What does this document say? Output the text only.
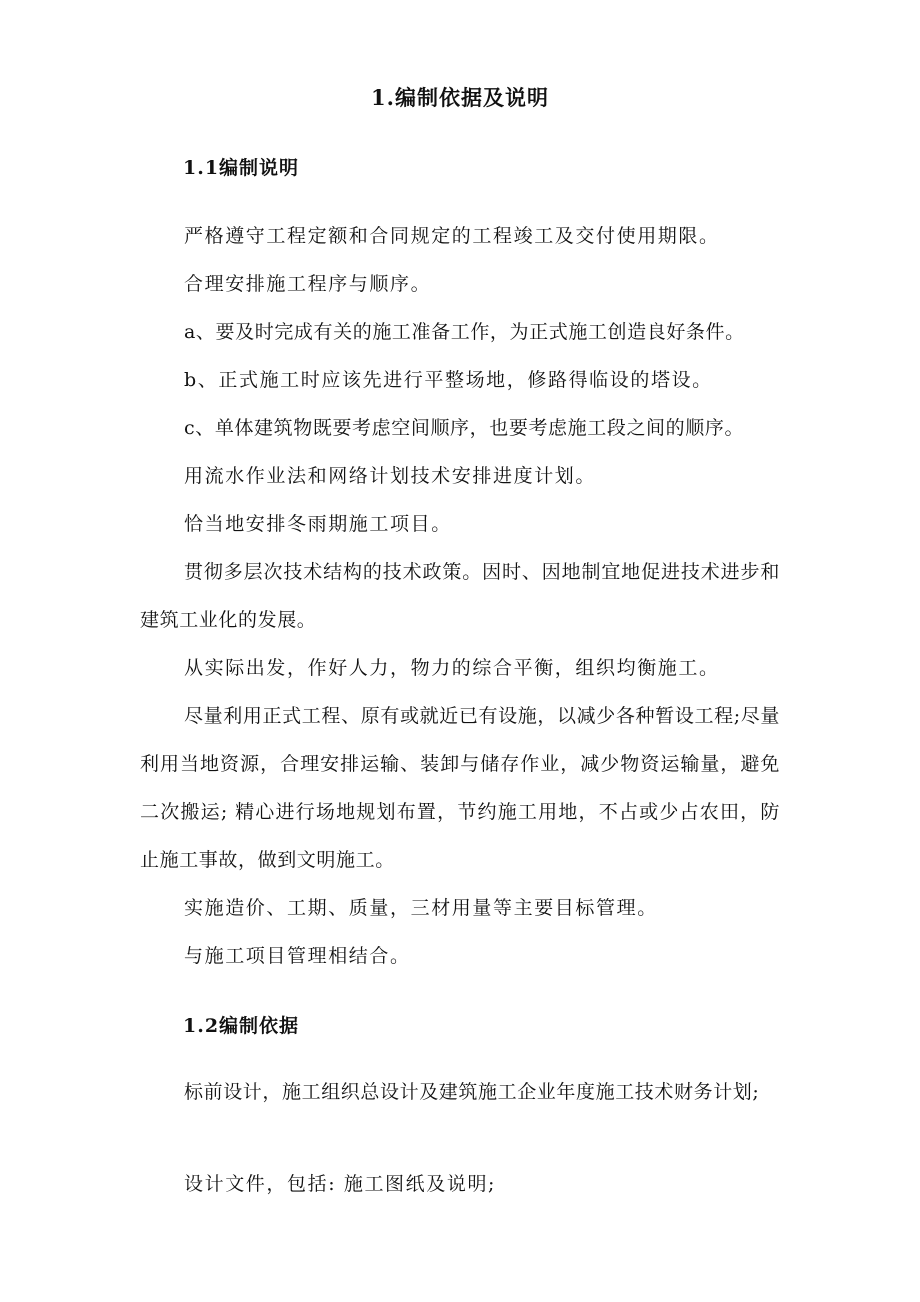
1.编制依据及说明
1.1编制说明

严格遵守工程定额和合同规定的工程竣工及交付使用期限。

合理安排施工程序与顺序。

a、要及时完成有关的施工准备工作，为正式施工创造良好条件。

b、正式施工时应该先进行平整场地，修路得临设的塔设。

c、单体建筑物既要考虑空间顺序，也要考虑施工段之间的顺序。

用流水作业法和网络计划技术安排进度计划。

恰当地安排冬雨期施工项目。

贯彻多层次技术结构的技术政策。因时、因地制宜地促进技术进步和建筑工业化的发展。

从实际出发，作好人力，物力的综合平衡，组织均衡施工。

尽量利用正式工程、原有或就近已有设施，以减少各种暂设工程;尽量利用当地资源，合理安排运输、装卸与储存作业，减少物资运输量，避免二次搬运; 精心进行场地规划布置，节约施工用地，不占或少占农田，防止施工事故，做到文明施工。

实施造价、工期、质量，三材用量等主要目标管理。

与施工项目管理相结合。

1.2编制依据

标前设计，施工组织总设计及建筑施工企业年度施工技术财务计划;

设计文件，包括: 施工图纸及说明;
